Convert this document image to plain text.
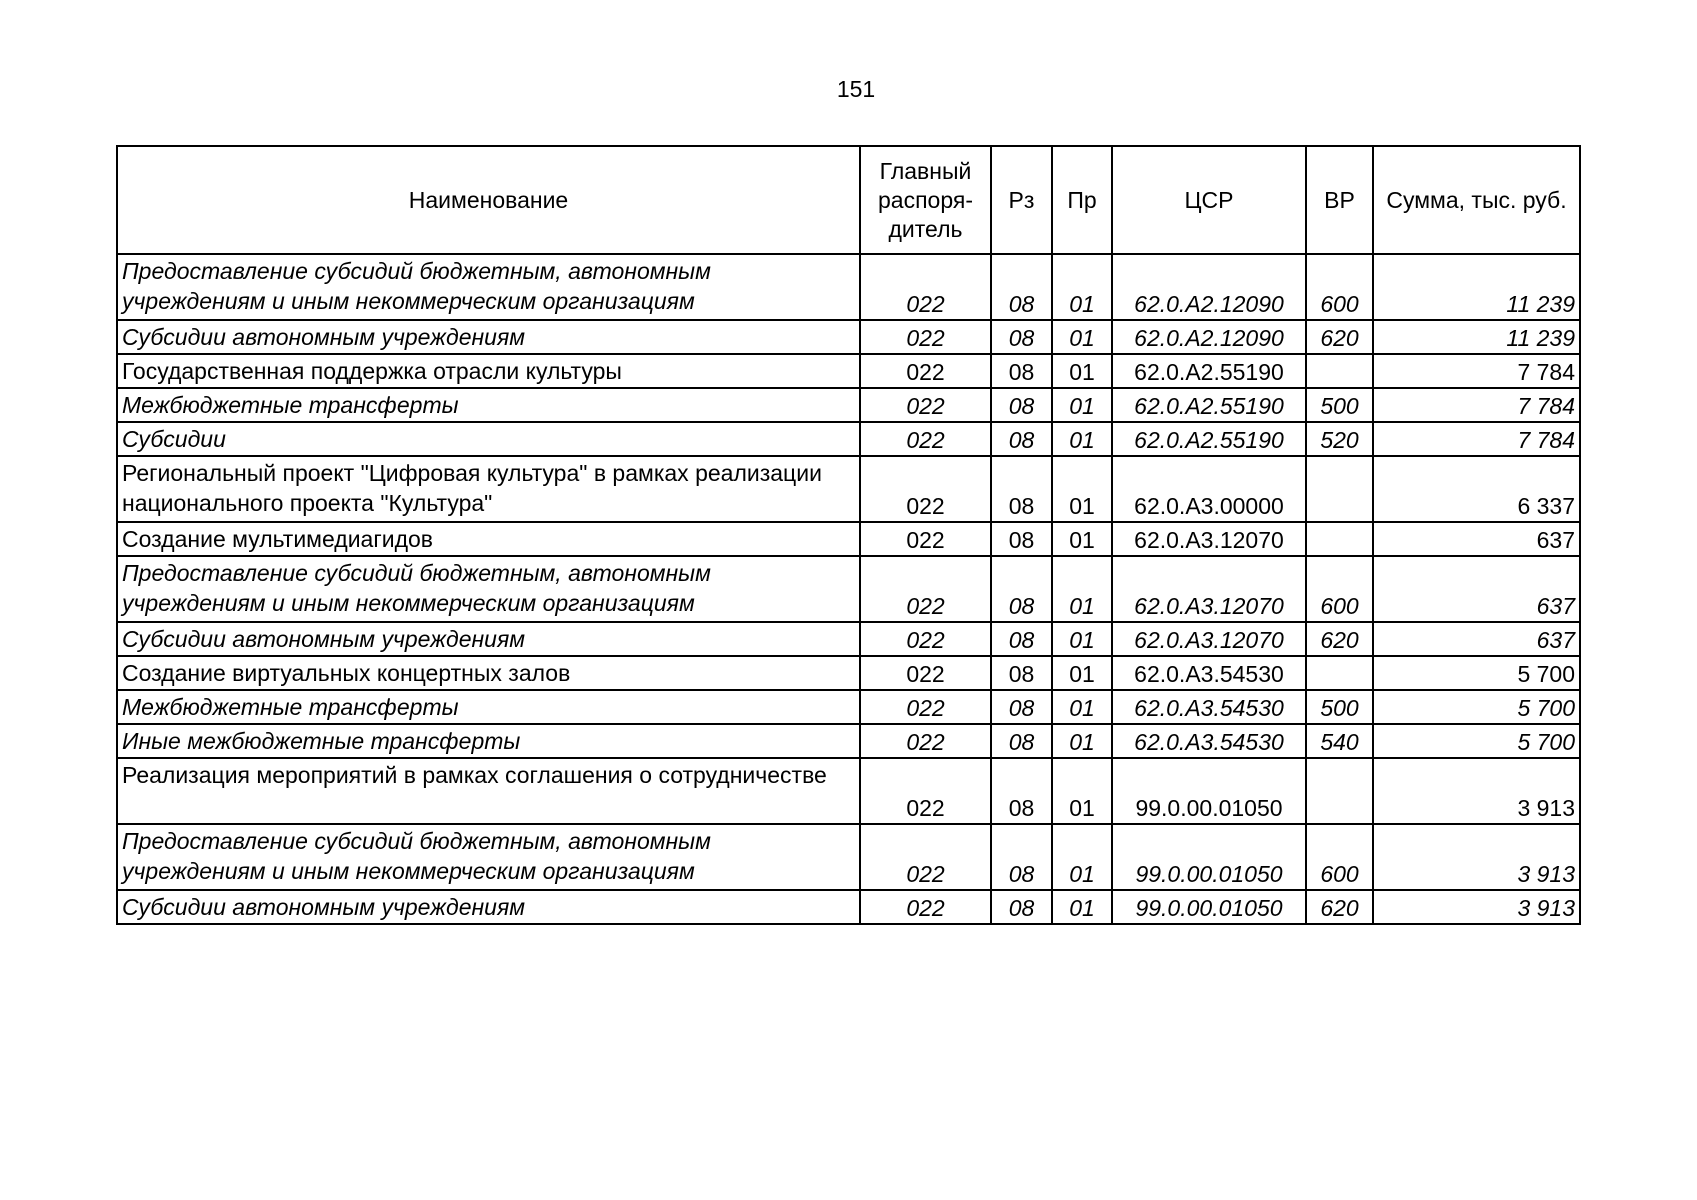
151
Наименование	Главный распоря-дитель	Рз	Пр	ЦСР	ВР	Сумма, тыс. руб.
Предоставление субсидий бюджетным, автономным учреждениям и иным некоммерческим организациям	022	08	01	62.0.A2.12090	600	11 239
Субсидии автономным учреждениям	022	08	01	62.0.A2.12090	620	11 239
Государственная поддержка отрасли культуры	022	08	01	62.0.A2.55190		7 784
Межбюджетные трансферты	022	08	01	62.0.A2.55190	500	7 784
Субсидии	022	08	01	62.0.A2.55190	520	7 784
Региональный проект "Цифровая культура" в рамках реализации национального проекта "Культура"	022	08	01	62.0.A3.00000		6 337
Создание мультимедиагидов	022	08	01	62.0.A3.12070		637
Предоставление субсидий бюджетным, автономным учреждениям и иным некоммерческим организациям	022	08	01	62.0.A3.12070	600	637
Субсидии автономным учреждениям	022	08	01	62.0.A3.12070	620	637
Создание виртуальных концертных залов	022	08	01	62.0.A3.54530		5 700
Межбюджетные трансферты	022	08	01	62.0.A3.54530	500	5 700
Иные межбюджетные трансферты	022	08	01	62.0.A3.54530	540	5 700
Реализация мероприятий в рамках соглашения о сотрудничестве	022	08	01	99.0.00.01050		3 913
Предоставление субсидий бюджетным, автономным учреждениям и иным некоммерческим организациям	022	08	01	99.0.00.01050	600	3 913
Субсидии автономным учреждениям	022	08	01	99.0.00.01050	620	3 913
